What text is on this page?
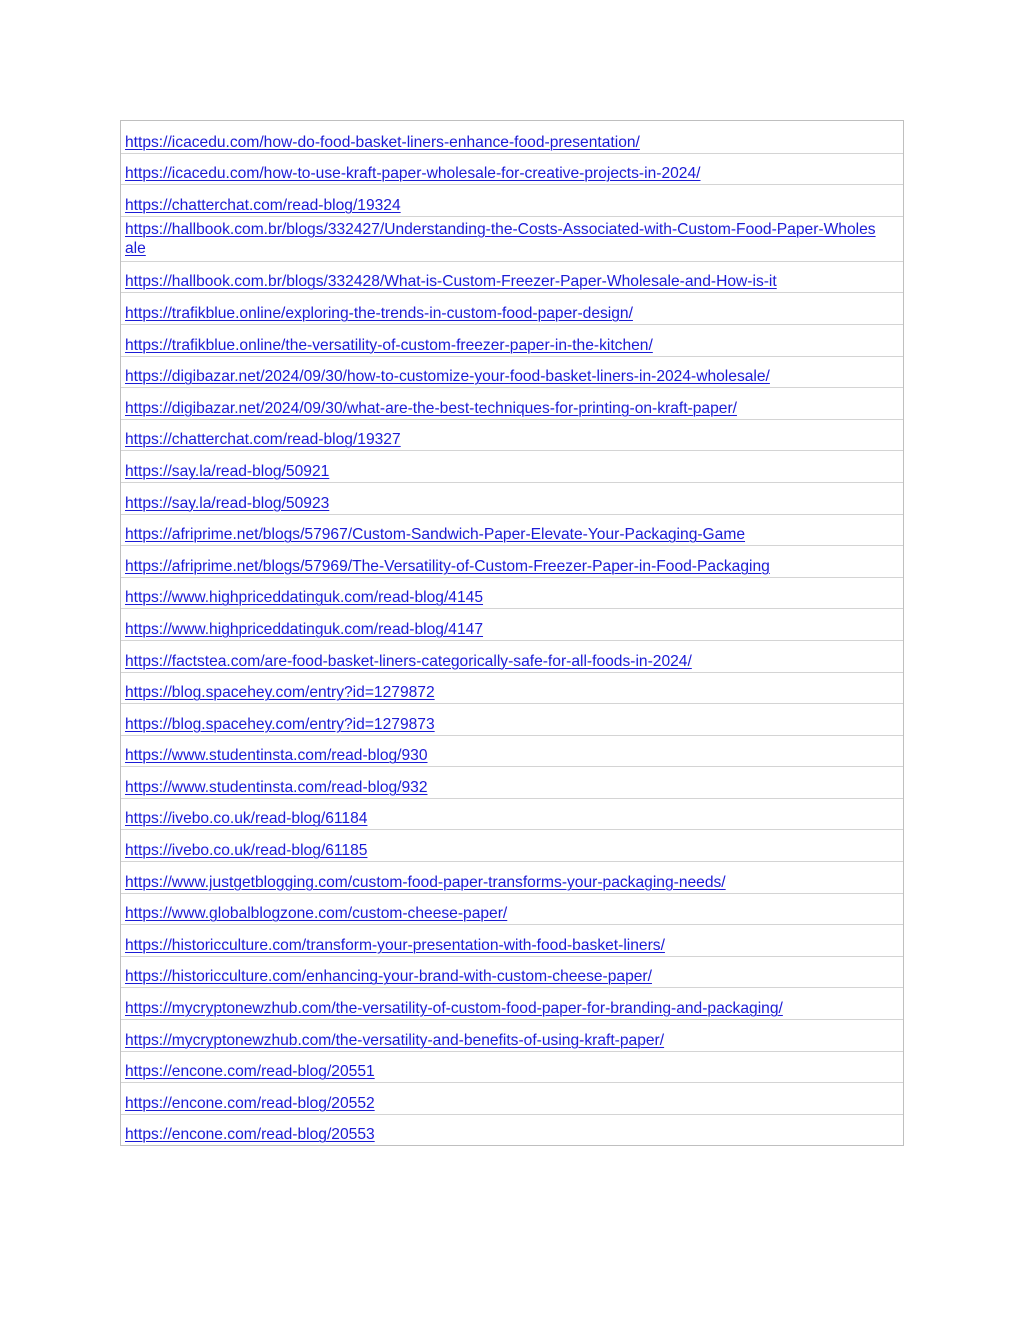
https://icacedu.com/how-do-food-basket-liners-enhance-food-presentation/
https://icacedu.com/how-to-use-kraft-paper-wholesale-for-creative-projects-in-2024/
https://chatterchat.com/read-blog/19324
https://hallbook.com.br/blogs/332427/Understanding-the-Costs-Associated-with-Custom-Food-Paper-Wholesale
https://hallbook.com.br/blogs/332428/What-is-Custom-Freezer-Paper-Wholesale-and-How-is-it
https://trafikblue.online/exploring-the-trends-in-custom-food-paper-design/
https://trafikblue.online/the-versatility-of-custom-freezer-paper-in-the-kitchen/
https://digibazar.net/2024/09/30/how-to-customize-your-food-basket-liners-in-2024-wholesale/
https://digibazar.net/2024/09/30/what-are-the-best-techniques-for-printing-on-kraft-paper/
https://chatterchat.com/read-blog/19327
https://say.la/read-blog/50921
https://say.la/read-blog/50923
https://afriprime.net/blogs/57967/Custom-Sandwich-Paper-Elevate-Your-Packaging-Game
https://afriprime.net/blogs/57969/The-Versatility-of-Custom-Freezer-Paper-in-Food-Packaging
https://www.highpriceddatinguk.com/read-blog/4145
https://www.highpriceddatinguk.com/read-blog/4147
https://factstea.com/are-food-basket-liners-categorically-safe-for-all-foods-in-2024/
https://blog.spacehey.com/entry?id=1279872
https://blog.spacehey.com/entry?id=1279873
https://www.studentinsta.com/read-blog/930
https://www.studentinsta.com/read-blog/932
https://ivebo.co.uk/read-blog/61184
https://ivebo.co.uk/read-blog/61185
https://www.justgetblogging.com/custom-food-paper-transforms-your-packaging-needs/
https://www.globalblogzone.com/custom-cheese-paper/
https://historicculture.com/transform-your-presentation-with-food-basket-liners/
https://historicculture.com/enhancing-your-brand-with-custom-cheese-paper/
https://mycryptonewzhub.com/the-versatility-of-custom-food-paper-for-branding-and-packaging/
https://mycryptonewzhub.com/the-versatility-and-benefits-of-using-kraft-paper/
https://encone.com/read-blog/20551
https://encone.com/read-blog/20552
https://encone.com/read-blog/20553
